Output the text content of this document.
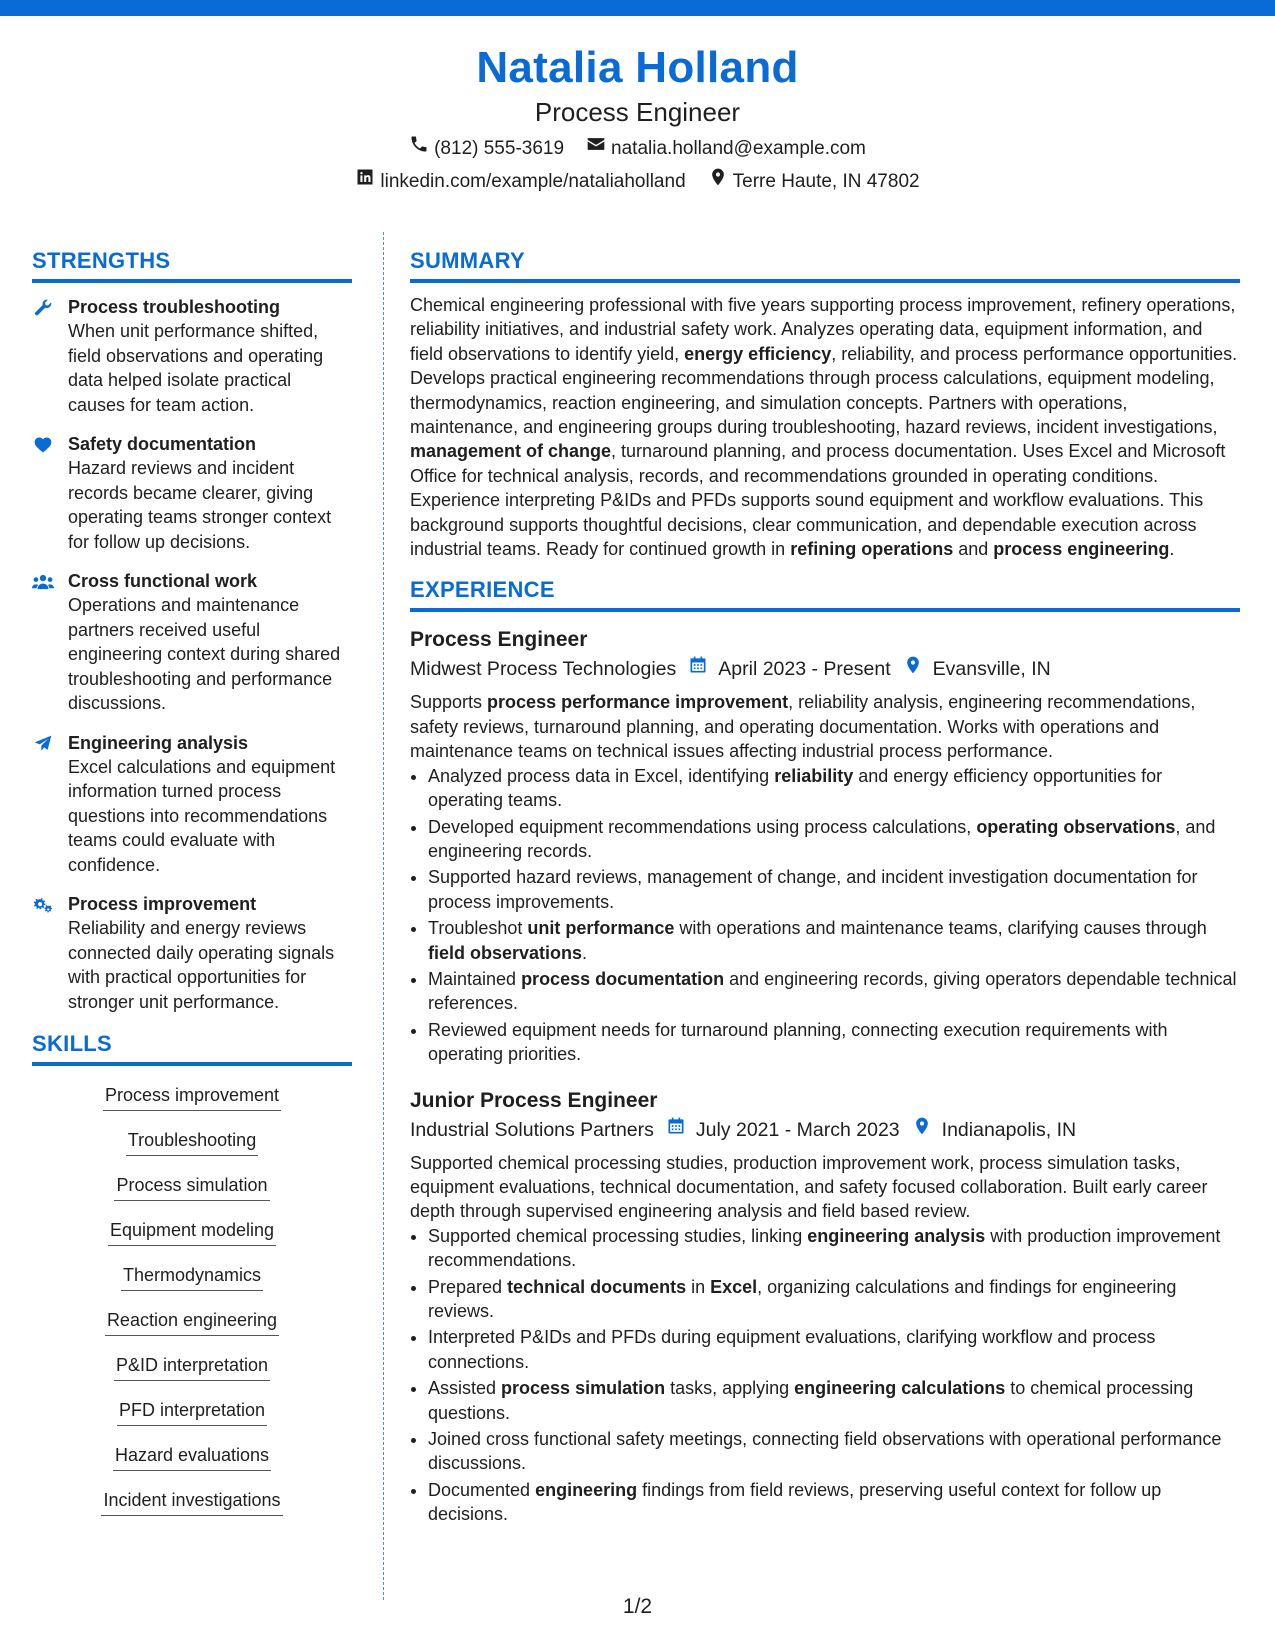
Natalia Holland
Process Engineer
(812) 555-3619 natalia.holland@example.com
linkedin.com/example/nataliaholland Terre Haute, IN 47802
STRENGTHS
Process troubleshooting
When unit performance shifted, field observations and operating data helped isolate practical causes for team action.
Safety documentation
Hazard reviews and incident records became clearer, giving operating teams stronger context for follow up decisions.
Cross functional work
Operations and maintenance partners received useful engineering context during shared troubleshooting and performance discussions.
Engineering analysis
Excel calculations and equipment information turned process questions into recommendations teams could evaluate with confidence.
Process improvement
Reliability and energy reviews connected daily operating signals with practical opportunities for stronger unit performance.
SKILLS
Process improvement
Troubleshooting
Process simulation
Equipment modeling
Thermodynamics
Reaction engineering
P&ID interpretation
PFD interpretation
Hazard evaluations
Incident investigations
SUMMARY
Chemical engineering professional with five years supporting process improvement, refinery operations, reliability initiatives, and industrial safety work. Analyzes operating data, equipment information, and field observations to identify yield, energy efficiency, reliability, and process performance opportunities. Develops practical engineering recommendations through process calculations, equipment modeling, thermodynamics, reaction engineering, and simulation concepts. Partners with operations, maintenance, and engineering groups during troubleshooting, hazard reviews, incident investigations, management of change, turnaround planning, and process documentation. Uses Excel and Microsoft Office for technical analysis, records, and recommendations grounded in operating conditions. Experience interpreting P&IDs and PFDs supports sound equipment and workflow evaluations. This background supports thoughtful decisions, clear communication, and dependable execution across industrial teams. Ready for continued growth in refining operations and process engineering.
EXPERIENCE
Process Engineer
Midwest Process Technologies April 2023 - Present Evansville, IN
Supports process performance improvement, reliability analysis, engineering recommendations, safety reviews, turnaround planning, and operating documentation. Works with operations and maintenance teams on technical issues affecting industrial process performance.
• Analyzed process data in Excel, identifying reliability and energy efficiency opportunities for operating teams.
• Developed equipment recommendations using process calculations, operating observations, and engineering records.
• Supported hazard reviews, management of change, and incident investigation documentation for process improvements.
• Troubleshot unit performance with operations and maintenance teams, clarifying causes through field observations.
• Maintained process documentation and engineering records, giving operators dependable technical references.
• Reviewed equipment needs for turnaround planning, connecting execution requirements with operating priorities.
Junior Process Engineer
Industrial Solutions Partners July 2021 - March 2023 Indianapolis, IN
Supported chemical processing studies, production improvement work, process simulation tasks, equipment evaluations, technical documentation, and safety focused collaboration. Built early career depth through supervised engineering analysis and field based review.
• Supported chemical processing studies, linking engineering analysis with production improvement recommendations.
• Prepared technical documents in Excel, organizing calculations and findings for engineering reviews.
• Interpreted P&IDs and PFDs during equipment evaluations, clarifying workflow and process connections.
• Assisted process simulation tasks, applying engineering calculations to chemical processing questions.
• Joined cross functional safety meetings, connecting field observations with operational performance discussions.
• Documented engineering findings from field reviews, preserving useful context for follow up decisions.
1/2
